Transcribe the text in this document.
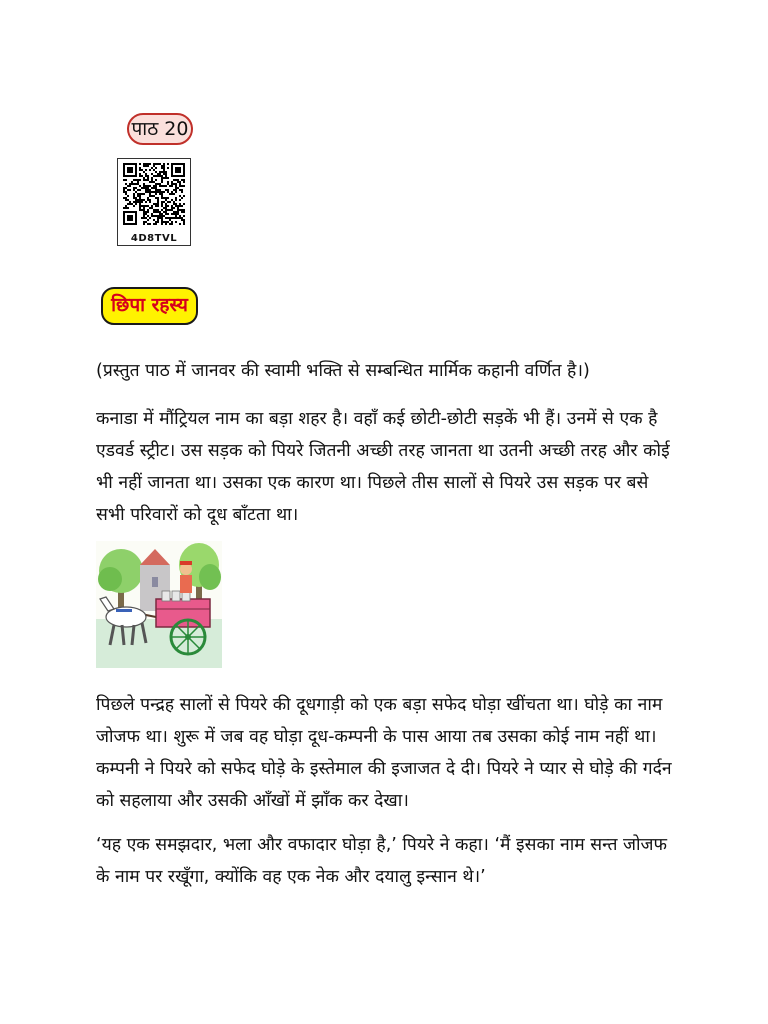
पाठ 20
4D8TVL
छिपा रहस्य

(प्रस्तुत पाठ में जानवर की स्वामी भक्ति से सम्बन्धित मार्मिक कहानी वर्णित है।)

कनाडा में मौंट्रियल नाम का बड़ा शहर है। वहाँ कई छोटी-छोटी सड़कें भी हैं। उनमें से एक है एडवर्ड स्ट्रीट। उस सड़क को पियरे जितनी अच्छी तरह जानता था उतनी अच्छी तरह और कोई भी नहीं जानता था। उसका एक कारण था। पिछले तीस सालों से पियरे उस सड़क पर बसे सभी परिवारों को दूध बाँटता था।

पिछले पन्द्रह सालों से पियरे की दूधगाड़ी को एक बड़ा सफेद घोड़ा खींचता था। घोड़े का नाम जोजफ था। शुरू में जब वह घोड़ा दूध-कम्पनी के पास आया तब उसका कोई नाम नहीं था। कम्पनी ने पियरे को सफेद घोड़े के इस्तेमाल की इजाजत दे दी। पियरे ने प्यार से घोड़े की गर्दन को सहलाया और उसकी आँखों में झाँक कर देखा।

‘यह एक समझदार, भला और वफादार घोड़ा है,’ पियरे ने कहा। ‘मैं इसका नाम सन्त जोजफ के नाम पर रखूँगा, क्योंकि वह एक नेक और दयालु इन्सान थे।’
